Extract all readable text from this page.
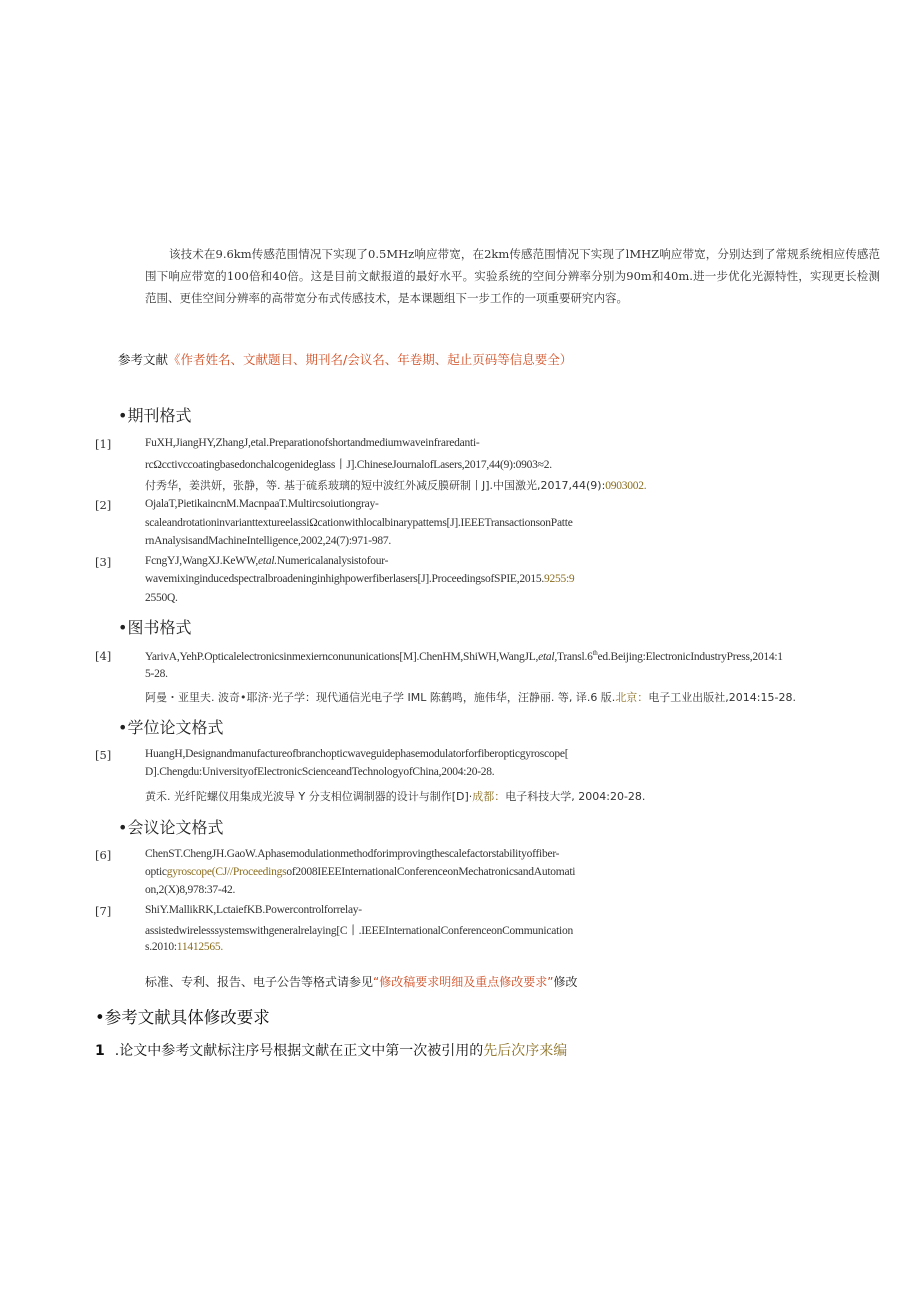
该技术在9.6km传感范围情况下实现了0.5MHz响应带宽，在2km传感范围情况下实现了lMHZ响应带宽，分别达到了常规系统相应传感范围下响应带宽的100倍和40倍。这是目前文献报道的最好水平。实验系统的空间分辨率分别为90m和40m.进一步优化光源特性，实现更长检测范围、更佳空间分辨率的高带宽分布式传感技术，是本课题组下一步工作的一项重要研究内容。
参考文献《作者姓名、文献题目、期刊名/会议名、年卷期、起止页码等信息要全）
•期刊格式
[1]	FuXH,JiangHY,ZhangJ,etal.Preparationofshortandmediumwaveinfraredanti-
rcΩcctivccoatingbasedonchalcogenideglass丨J].ChineseJournalofLasers,2017,44(9):0903≈2.
付秀华，姜洪妍，张静，等. 基于硫系玻璃的短中波红外减反膜研制丨J].中国激光,2017,44(9):0903002.
[2]	OjalaT,PietikaincnM.MacnpaaT.Multircsoiutiongray-
scaleandrotationinvarianttextureelassiΩcationwithlocalbinarypattems[J].IEEETransactionsonPatte
rnAnalysisandMachineIntelligence,2002,24(7):971-987.
[3]	FcngYJ,WangXJ.KeWW,etal.Numericalanalysistofour-
wavemixinginducedspectralbroadeninginhighpowerfiberlasers[J].ProceedingsofSPIE,2015.9255:9
2550Q.
•图书格式
[4]	YarivA,YehP.Opticalelectronicsinmexiernconununications[M].ChenHM,ShiWH,WangJL,etal,Transl.6thed.Beijing:ElectronicIndustryPress,2014:1
5-28.
阿曼・亚里夫. 波奇•耶济·光子学：现代通信光电子学 IML 陈鹤鸣，施伟华，汪静丽. 等, 译.6 版.北京：电子工业出版社,2014:15-28.
•学位论文格式
[5]	HuangH,Designandmanufactureofbranchopticwaveguidephasemodulatorforfiberopticgyroscope[
D].Chengdu:UniversityofElectronicScienceandTechnologyofChina,2004:20-28.
黄禾. 光纤陀螺仪用集成光波导 Y 分支相位调制器的设计与制作[D]·成都：电子科技大学, 2004:20-28.
•会议论文格式
[6]	ChenST.ChengJH.GaoW.Aphasemodulationmethodforimprovingthescalefactorstabilityoffiber-
opticgyroscope(CJ//Proceedingsof2008IEEEInternationalConferenceonMechatronicsandAutomati
on,2(X)8,978:37-42.
[7]	ShiY.MallikRK,LctaiefKB.Powercontrolforrelay-
assistedwirelesssystemswithgeneralrelaying[C丨.IEEEInternationalConferenceonCommunication
s.2010:11412565.
标准、专利、报告、电子公告等格式请参见“修改稿要求明细及重点修改要求”修改
•参考文献具体修改要求
1 .论文中参考文献标注序号根据文献在正文中第一次被引用的先后次序来编
